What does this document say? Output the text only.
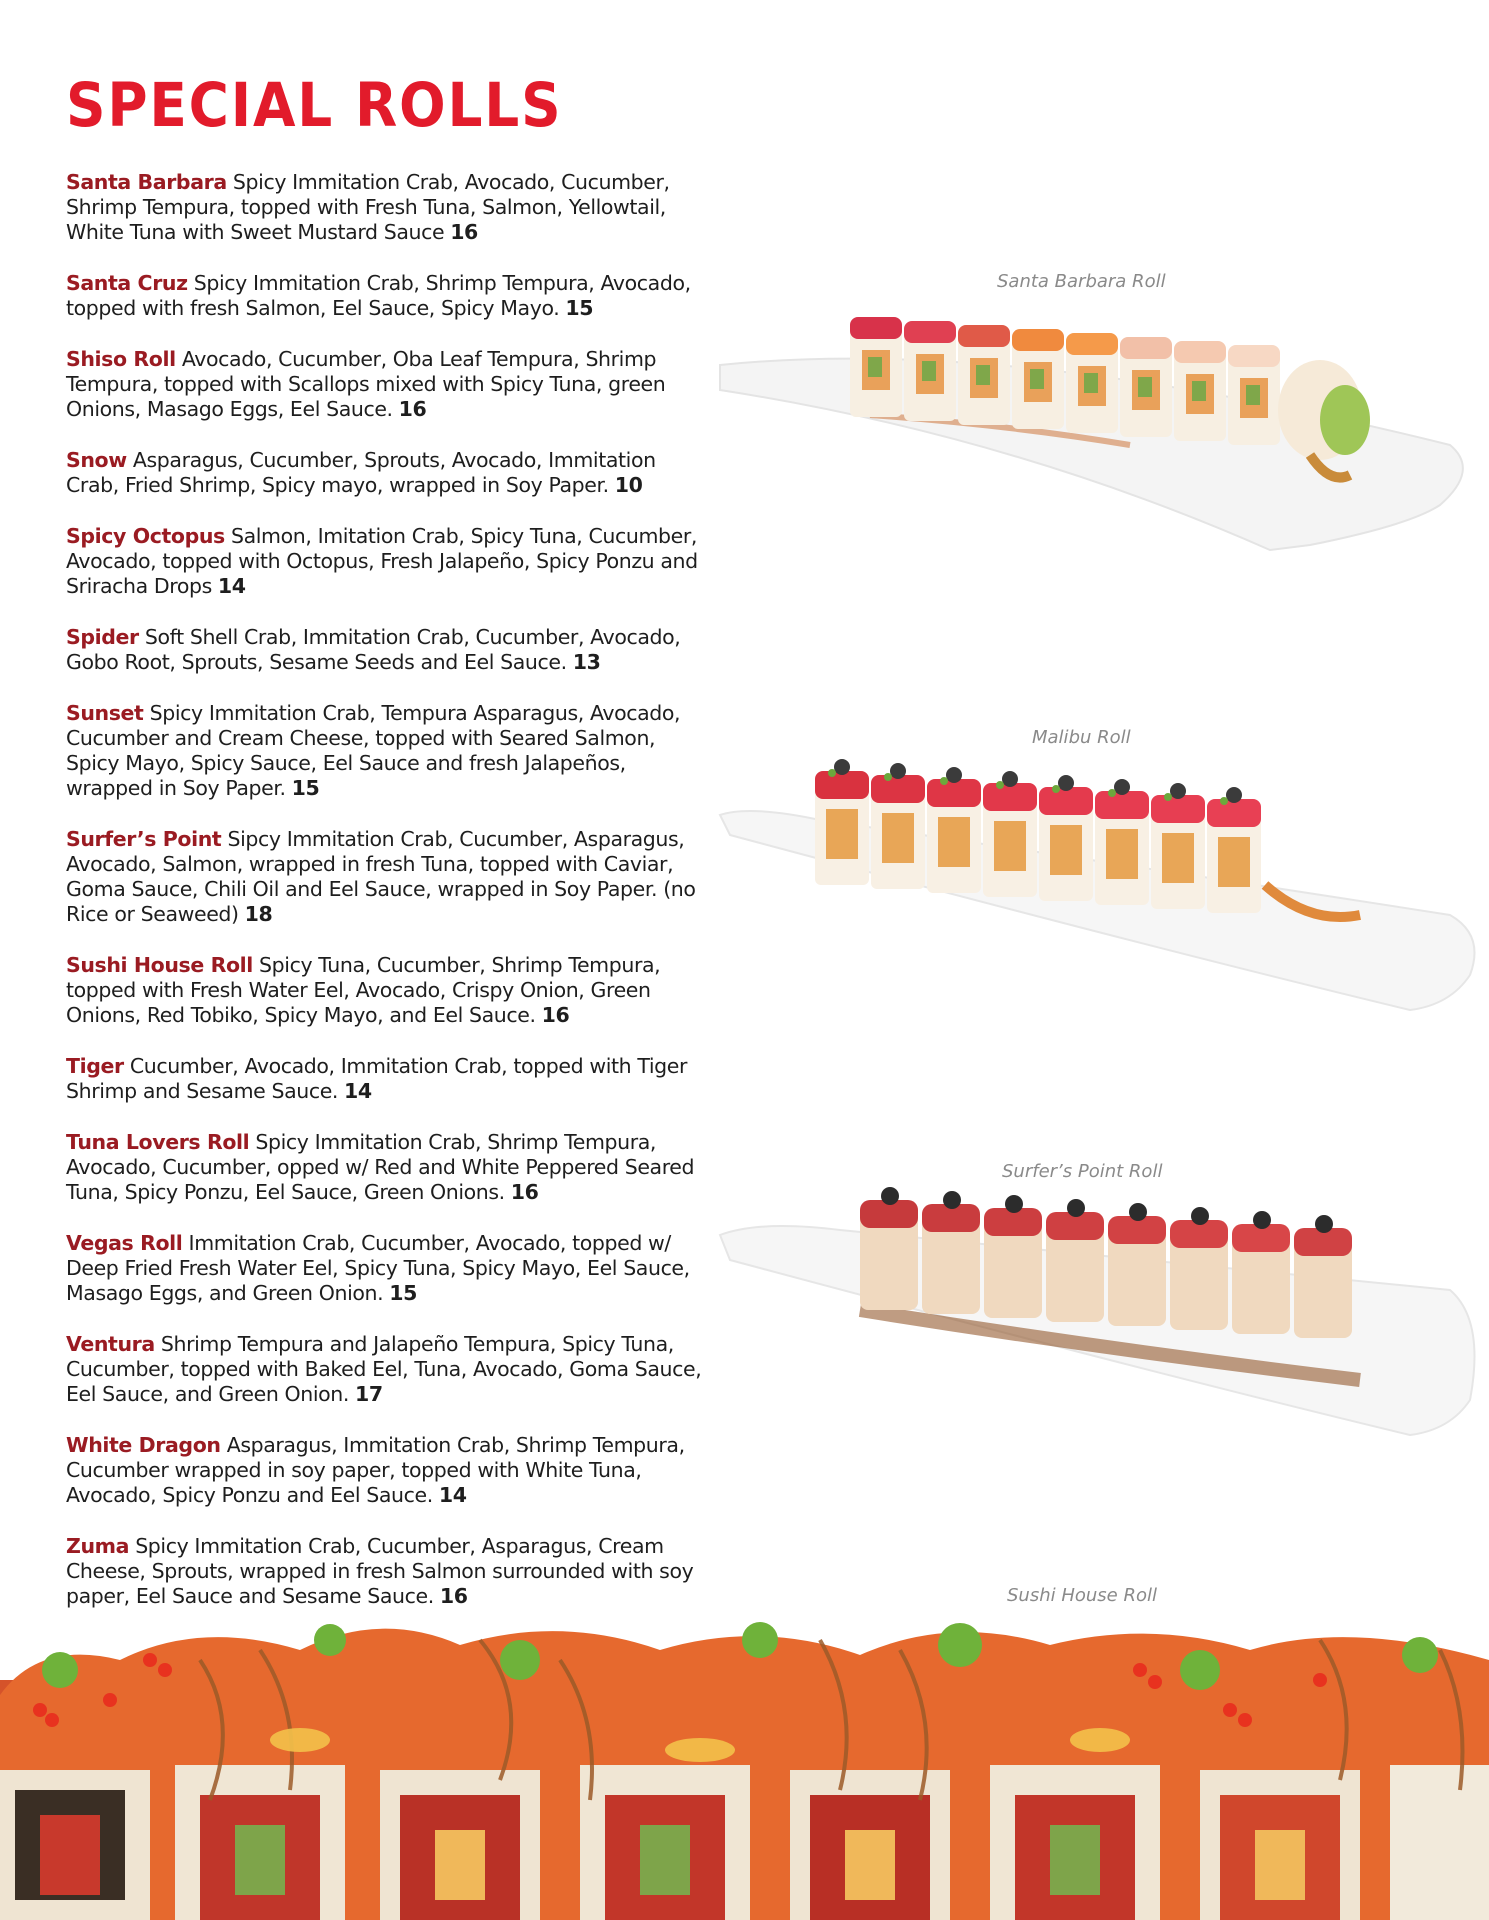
SPECIAL ROLLS

Santa Barbara Spicy Immitation Crab, Avocado, Cucumber, Shrimp Tempura, topped with Fresh Tuna, Salmon, Yellowtail, White Tuna with Sweet Mustard Sauce 16

Santa Cruz Spicy Immitation Crab, Shrimp Tempura, Avocado, topped with fresh Salmon, Eel Sauce, Spicy Mayo. 15

Shiso Roll Avocado, Cucumber, Oba Leaf Tempura, Shrimp Tempura, topped with Scallops mixed with Spicy Tuna, green Onions, Masago Eggs, Eel Sauce. 16

Snow Asparagus, Cucumber, Sprouts, Avocado, Immitation Crab, Fried Shrimp, Spicy mayo, wrapped in Soy Paper. 10

Spicy Octopus Salmon, Imitation Crab, Spicy Tuna, Cucumber, Avocado, topped with Octopus, Fresh Jalapeño, Spicy Ponzu and Sriracha Drops 14

Spider Soft Shell Crab, Immitation Crab, Cucumber, Avocado, Gobo Root, Sprouts, Sesame Seeds and Eel Sauce. 13

Sunset Spicy Immitation Crab, Tempura Asparagus, Avocado, Cucumber and Cream Cheese, topped with Seared Salmon, Spicy Mayo, Spicy Sauce, Eel Sauce and fresh Jalapeños, wrapped in Soy Paper. 15

Surfer’s Point Sipcy Immitation Crab, Cucumber, Asparagus, Avocado, Salmon, wrapped in fresh Tuna, topped with Caviar, Goma Sauce, Chili Oil and Eel Sauce, wrapped in Soy Paper. (no Rice or Seaweed) 18

Sushi House Roll Spicy Tuna, Cucumber, Shrimp Tempura, topped with Fresh Water Eel, Avocado, Crispy Onion, Green Onions, Red Tobiko, Spicy Mayo, and Eel Sauce. 16

Tiger Cucumber, Avocado, Immitation Crab, topped with Tiger Shrimp and Sesame Sauce. 14

Tuna Lovers Roll Spicy Immitation Crab, Shrimp Tempura, Avocado, Cucumber, opped w/ Red and White Peppered Seared Tuna, Spicy Ponzu, Eel Sauce, Green Onions. 16

Vegas Roll Immitation Crab, Cucumber, Avocado, topped w/ Deep Fried Fresh Water Eel, Spicy Tuna, Spicy Mayo, Eel Sauce, Masago Eggs, and Green Onion. 15

Ventura Shrimp Tempura and Jalapeño Tempura, Spicy Tuna, Cucumber, topped with Baked Eel, Tuna, Avocado, Goma Sauce, Eel Sauce, and Green Onion. 17

White Dragon Asparagus, Immitation Crab, Shrimp Tempura, Cucumber wrapped in soy paper, topped with White Tuna, Avocado, Spicy Ponzu and Eel Sauce. 14

Zuma Spicy Immitation Crab, Cucumber, Asparagus, Cream Cheese, Sprouts, wrapped in fresh Salmon surrounded with soy paper, Eel Sauce and Sesame Sauce. 16

Santa Barbara Roll

Malibu Roll

Surfer’s Point Roll

Sushi House Roll
